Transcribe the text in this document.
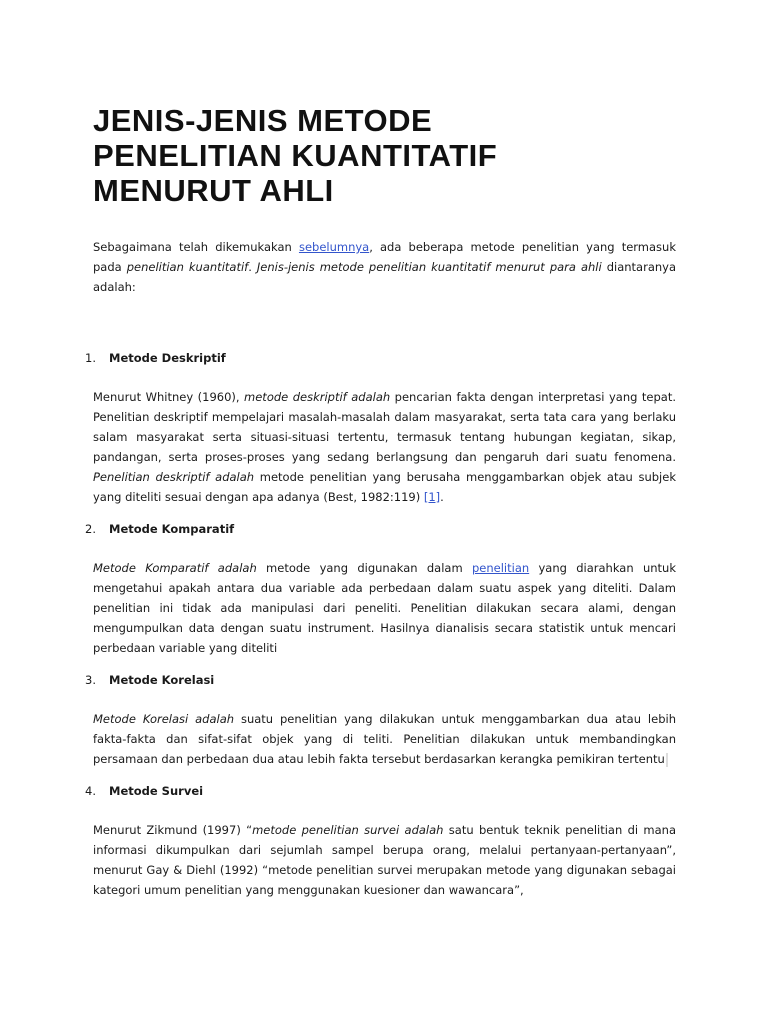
JENIS-JENIS METODE
PENELITIAN KUANTITATIF
MENURUT AHLI

Sebagaimana telah dikemukakan sebelumnya, ada beberapa metode penelitian yang termasuk pada penelitian kuantitatif. Jenis-jenis metode penelitian kuantitatif menurut para ahli diantaranya adalah:

1. Metode Deskriptif

Menurut Whitney (1960), metode deskriptif adalah pencarian fakta dengan interpretasi yang tepat. Penelitian deskriptif mempelajari masalah-masalah dalam masyarakat, serta tata cara yang berlaku salam masyarakat serta situasi-situasi tertentu, termasuk tentang hubungan kegiatan, sikap, pandangan, serta proses-proses yang sedang berlangsung dan pengaruh dari suatu fenomena. Penelitian deskriptif adalah metode penelitian yang berusaha menggambarkan objek atau subjek yang diteliti sesuai dengan apa adanya (Best, 1982:119) [1].

2. Metode Komparatif

Metode Komparatif adalah metode yang digunakan dalam penelitian yang diarahkan untuk mengetahui apakah antara dua variable ada perbedaan dalam suatu aspek yang diteliti. Dalam penelitian ini tidak ada manipulasi dari peneliti. Penelitian dilakukan secara alami, dengan mengumpulkan data dengan suatu instrument. Hasilnya dianalisis secara statistik untuk mencari perbedaan variable yang diteliti

3. Metode Korelasi

Metode Korelasi adalah suatu penelitian yang dilakukan untuk menggambarkan dua atau lebih fakta-fakta dan sifat-sifat objek yang di teliti. Penelitian dilakukan untuk membandingkan persamaan dan perbedaan dua atau lebih fakta tersebut berdasarkan kerangka pemikiran tertentu

4. Metode Survei

Menurut Zikmund (1997) “metode penelitian survei adalah satu bentuk teknik penelitian di mana informasi dikumpulkan dari sejumlah sampel berupa orang, melalui pertanyaan-pertanyaan”, menurut Gay & Diehl (1992) “metode penelitian survei merupakan metode yang digunakan sebagai kategori umum penelitian yang menggunakan kuesioner dan wawancara”,
